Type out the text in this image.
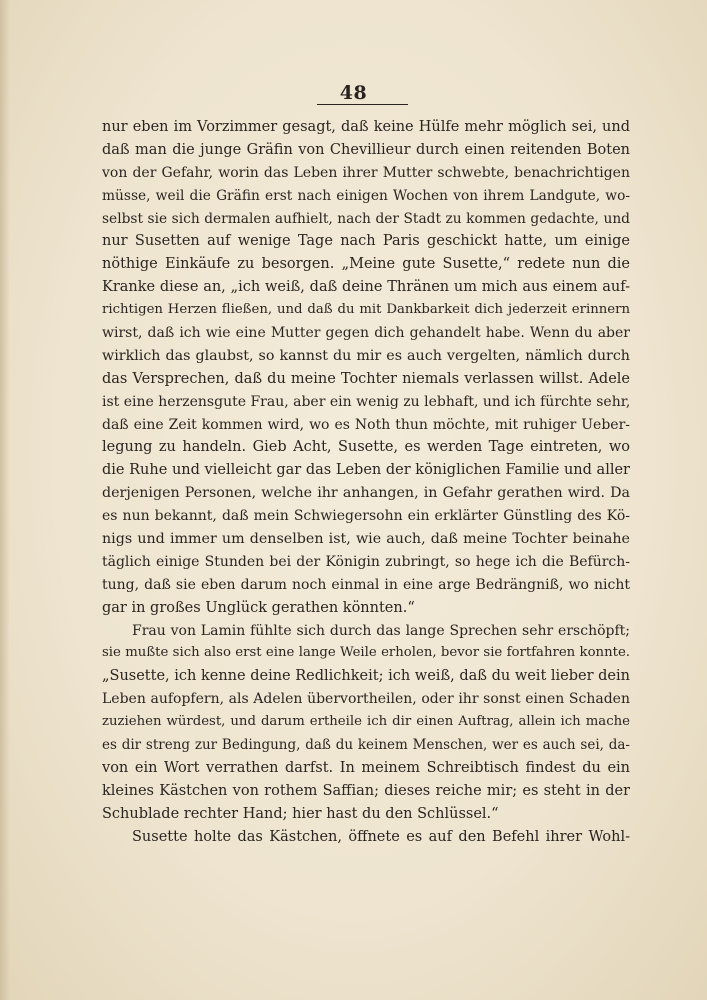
48
nur eben im Vorzimmer gesagt, daß keine Hülfe mehr möglich sei, und
daß man die junge Gräfin von Chevillieur durch einen reitenden Boten
von der Gefahr, worin das Leben ihrer Mutter schwebte, benachrichtigen
müsse, weil die Gräfin erst nach einigen Wochen von ihrem Landgute, wo-
selbst sie sich dermalen aufhielt, nach der Stadt zu kommen gedachte, und
nur Susetten auf wenige Tage nach Paris geschickt hatte, um einige
nöthige Einkäufe zu besorgen. „Meine gute Susette,“ redete nun die
Kranke diese an, „ich weiß, daß deine Thränen um mich aus einem auf-
richtigen Herzen fließen, und daß du mit Dankbarkeit dich jederzeit erinnern
wirst, daß ich wie eine Mutter gegen dich gehandelt habe. Wenn du aber
wirklich das glaubst, so kannst du mir es auch vergelten, nämlich durch
das Versprechen, daß du meine Tochter niemals verlassen willst. Adele
ist eine herzensgute Frau, aber ein wenig zu lebhaft, und ich fürchte sehr,
daß eine Zeit kommen wird, wo es Noth thun möchte, mit ruhiger Ueber-
legung zu handeln. Gieb Acht, Susette, es werden Tage eintreten, wo
die Ruhe und vielleicht gar das Leben der königlichen Familie und aller
derjenigen Personen, welche ihr anhangen, in Gefahr gerathen wird. Da
es nun bekannt, daß mein Schwiegersohn ein erklärter Günstling des Kö-
nigs und immer um denselben ist, wie auch, daß meine Tochter beinahe
täglich einige Stunden bei der Königin zubringt, so hege ich die Befürch-
tung, daß sie eben darum noch einmal in eine arge Bedrängniß, wo nicht
gar in großes Unglück gerathen könnten.“
Frau von Lamin fühlte sich durch das lange Sprechen sehr erschöpft;
sie mußte sich also erst eine lange Weile erholen, bevor sie fortfahren konnte.
„Susette, ich kenne deine Redlichkeit; ich weiß, daß du weit lieber dein
Leben aufopfern, als Adelen übervortheilen, oder ihr sonst einen Schaden
zuziehen würdest, und darum ertheile ich dir einen Auftrag, allein ich mache
es dir streng zur Bedingung, daß du keinem Menschen, wer es auch sei, da-
von ein Wort verrathen darfst. In meinem Schreibtisch findest du ein
kleines Kästchen von rothem Saffian; dieses reiche mir; es steht in der
Schublade rechter Hand; hier hast du den Schlüssel.“
Susette holte das Kästchen, öffnete es auf den Befehl ihrer Wohl-
